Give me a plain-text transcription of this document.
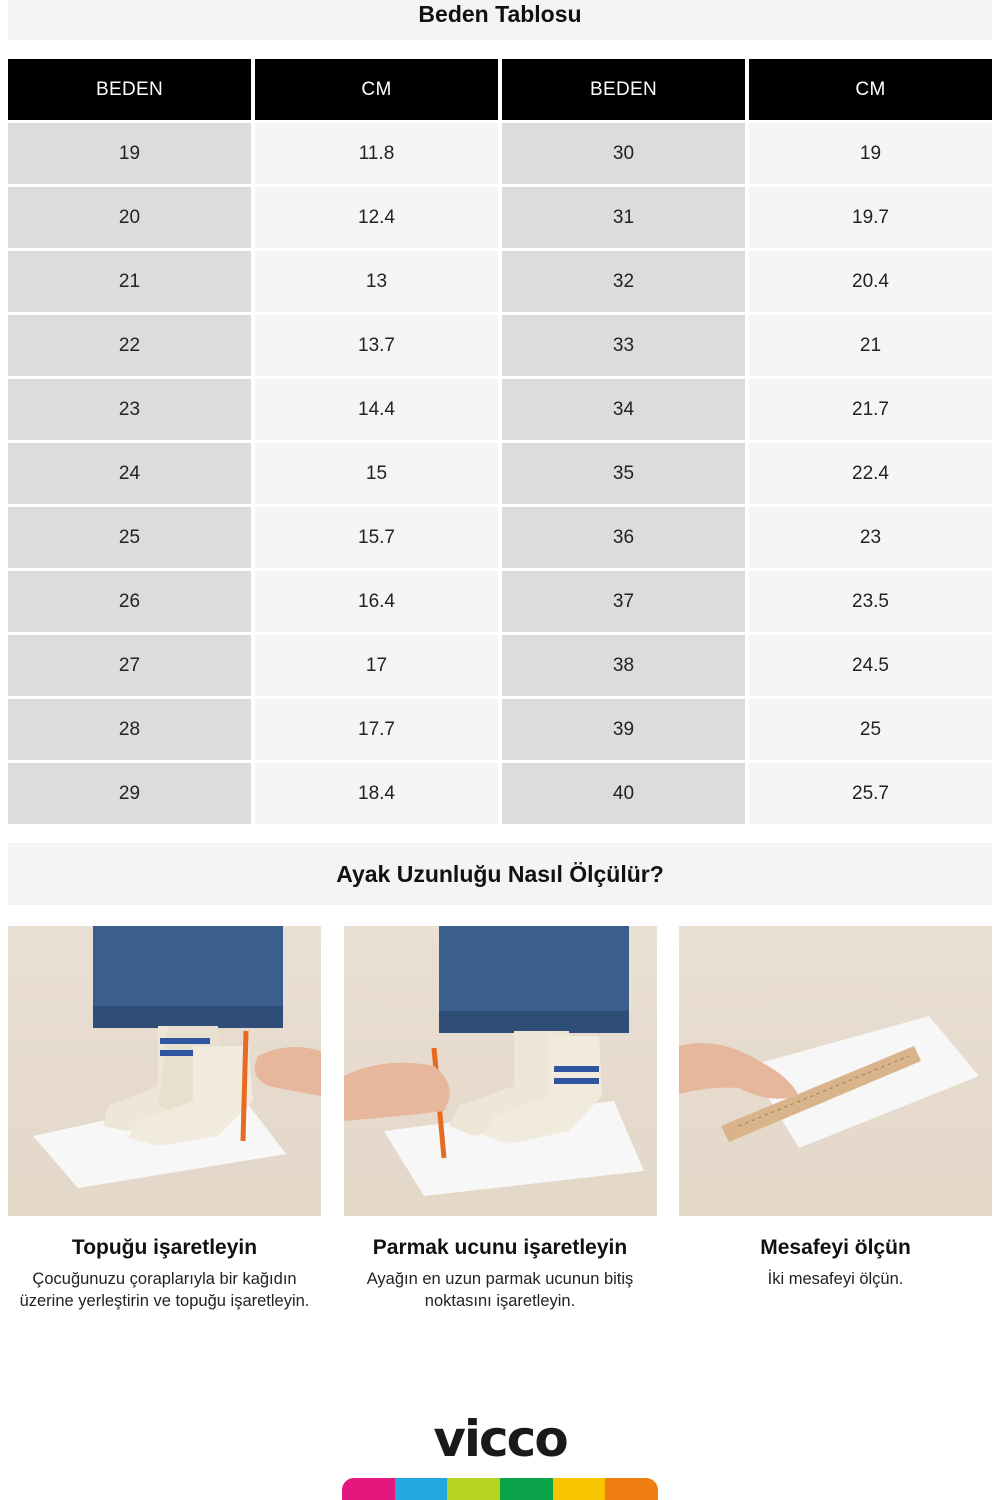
Beden Tablosu
BEDEN	CM	BEDEN	CM
19	11.8	30	19
20	12.4	31	19.7
21	13	32	20.4
22	13.7	33	21
23	14.4	34	21.7
24	15	35	22.4
25	15.7	36	23
26	16.4	37	23.5
27	17	38	24.5
28	17.7	39	25
29	18.4	40	25.7
Ayak Uzunluğu Nasıl Ölçülür?
Topuğu işaretleyin

Çocuğunuzu çoraplarıyla bir kağıdın üzerine yerleştirin ve topuğu işaretleyin.

Parmak ucunu işaretleyin

Ayağın en uzun parmak ucunun bitiş noktasını işaretleyin.

Mesafeyi ölçün

İki mesafeyi ölçün.

vicco
